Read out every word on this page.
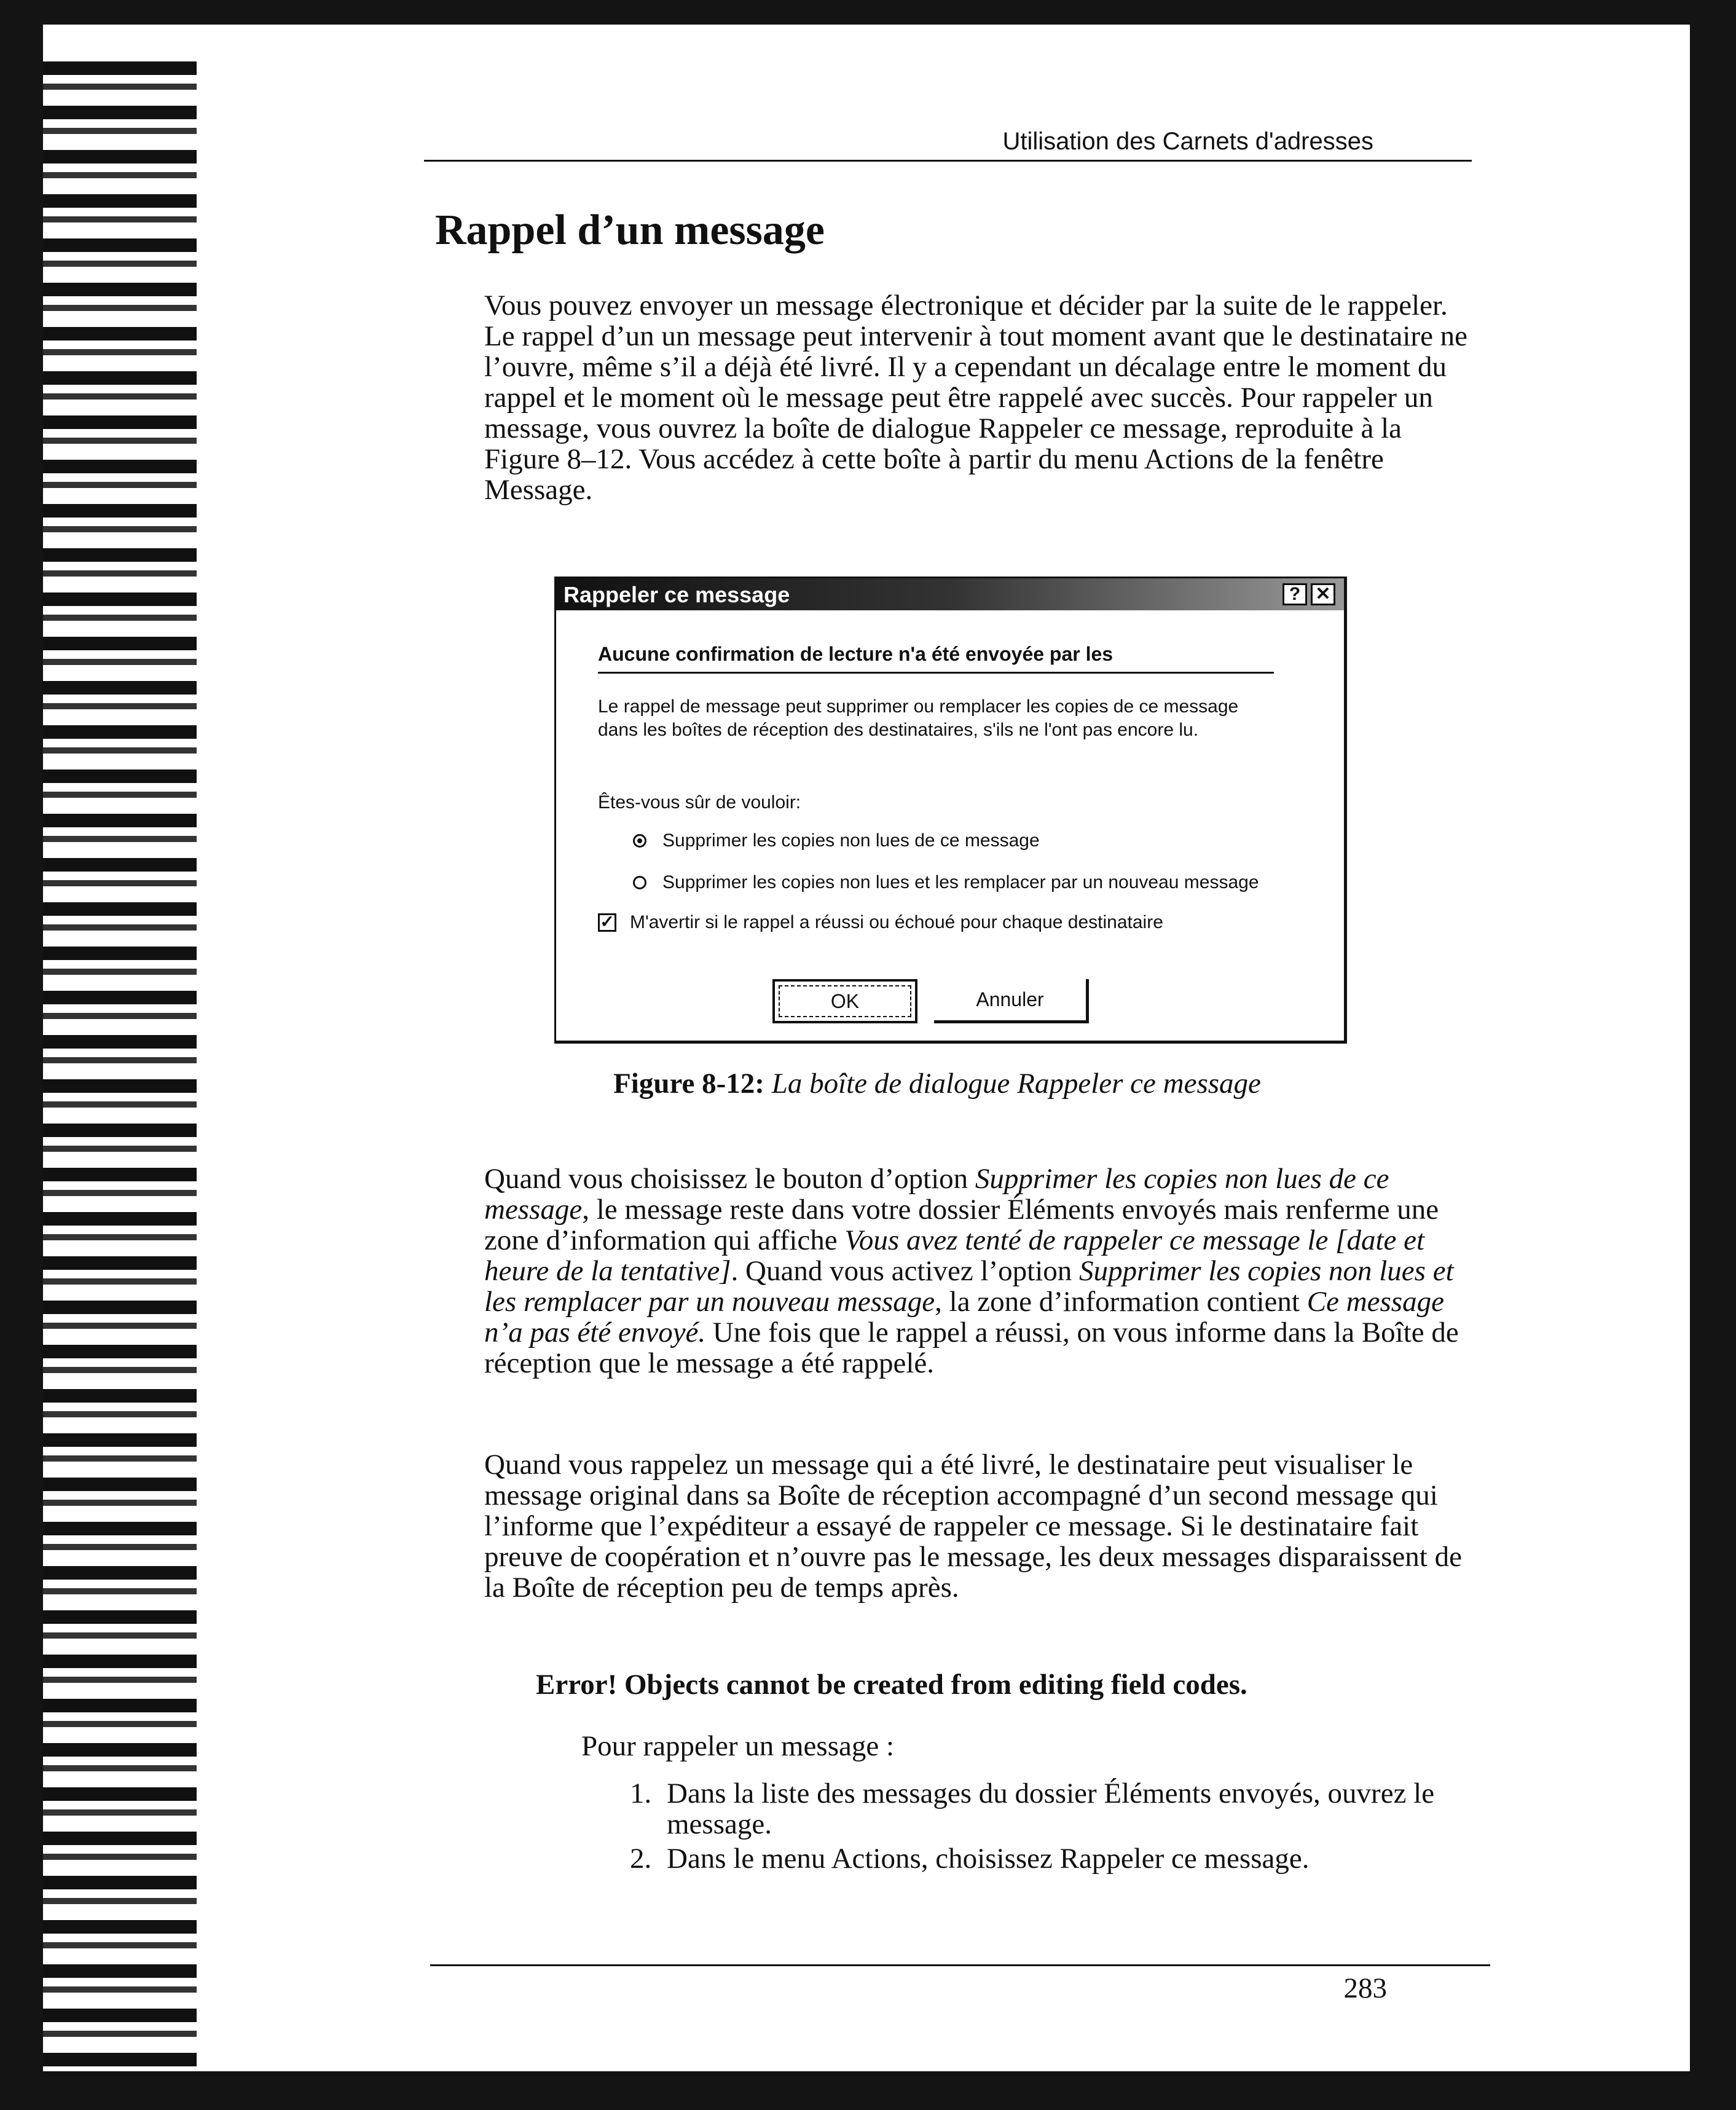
Utilisation des Carnets d'adresses
Rappel d’un message

Vous pouvez envoyer un message électronique et décider par la suite de le rappeler. Le rappel d’un un message peut intervenir à tout moment avant que le destinataire ne l’ouvre, même s’il a déjà été livré. Il y a cependant un décalage entre le moment du rappel et le moment où le message peut être rappelé avec succès. Pour rappeler un message, vous ouvrez la boîte de dialogue Rappeler ce message, reproduite à la Figure 8–12. Vous accédez à cette boîte à partir du menu Actions de la fenêtre Message.

Rappeler ce message	? ✕
Aucune confirmation de lecture n'a été envoyée par les
Le rappel de message peut supprimer ou remplacer les copies de ce message dans les boîtes de réception des destinataires, s'ils ne l'ont pas encore lu.
Êtes-vous sûr de vouloir:
Supprimer les copies non lues de ce message
Supprimer les copies non lues et les remplacer par un nouveau message
✓ M'avertir si le rappel a réussi ou échoué pour chaque destinataire
OK	Annuler
Figure 8-12: La boîte de dialogue Rappeler ce message

Quand vous choisissez le bouton d’option Supprimer les copies non lues de ce message, le message reste dans votre dossier Éléments envoyés mais renferme une zone d’information qui affiche Vous avez tenté de rappeler ce message le [date et heure de la tentative]. Quand vous activez l’option Supprimer les copies non lues et les remplacer par un nouveau message, la zone d’information contient Ce message n’a pas été envoyé. Une fois que le rappel a réussi, on vous informe dans la Boîte de réception que le message a été rappelé.

Quand vous rappelez un message qui a été livré, le destinataire peut visualiser le message original dans sa Boîte de réception accompagné d’un second message qui l’informe que l’expéditeur a essayé de rappeler ce message. Si le destinataire fait preuve de coopération et n’ouvre pas le message, les deux messages disparaissent de la Boîte de réception peu de temps après.

Error! Objects cannot be created from editing field codes.
Pour rappeler un message :
1. Dans la liste des messages du dossier Éléments envoyés, ouvrez le message.
2. Dans le menu Actions, choisissez Rappeler ce message.
283
